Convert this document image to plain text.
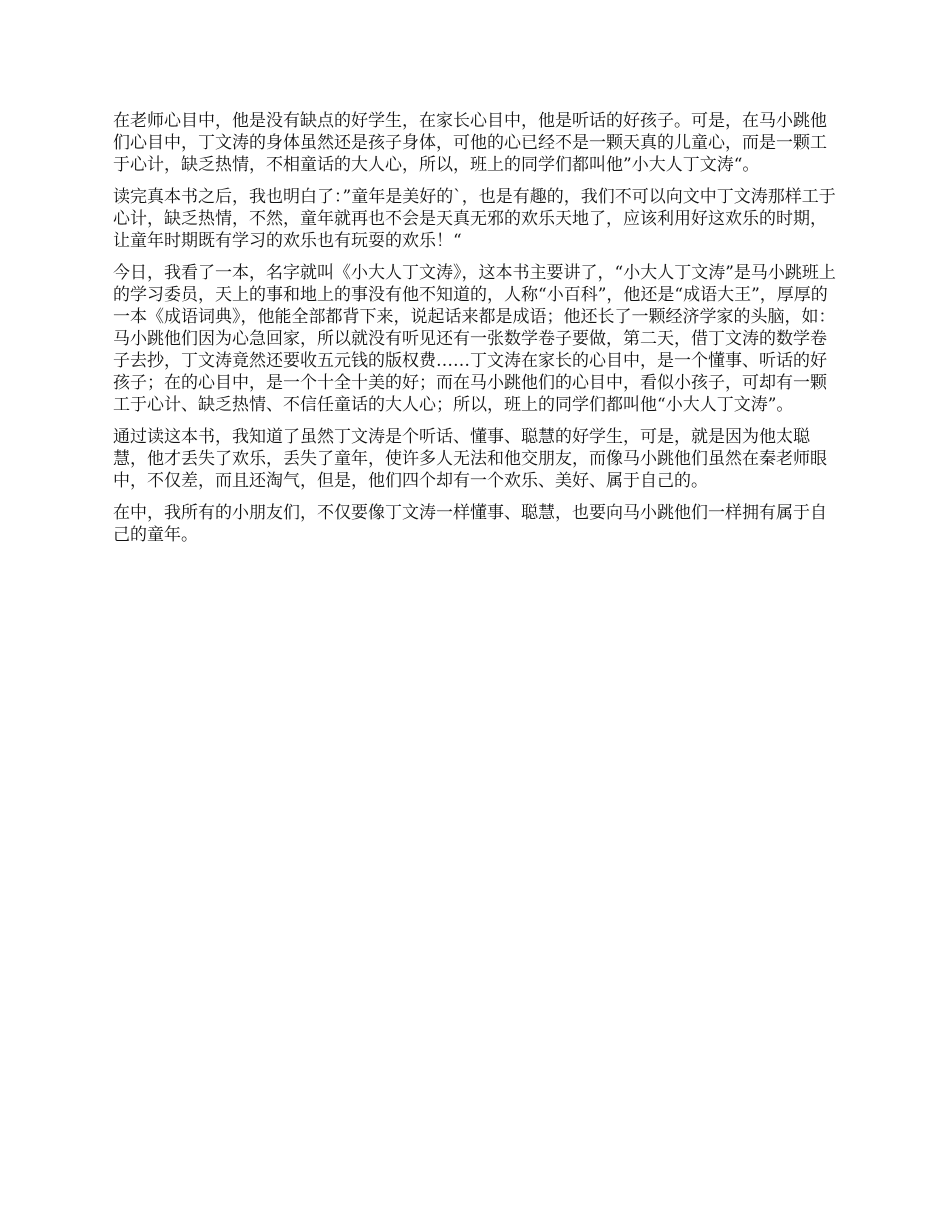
在老师心目中，他是没有缺点的好学生，在家长心目中，他是听话的好孩子。可是，在马小跳他们心目中，丁文涛的身体虽然还是孩子身体，可他的心已经不是一颗天真的儿童心，而是一颗工于心计，缺乏热情，不相童话的大人心，所以，班上的同学们都叫他”小大人丁文涛“。

读完真本书之后，我也明白了：”童年是美好的`，也是有趣的，我们不可以向文中丁文涛那样工于心计，缺乏热情，不然，童年就再也不会是天真无邪的欢乐天地了，应该利用好这欢乐的时期，让童年时期既有学习的欢乐也有玩耍的欢乐！“

今日，我看了一本，名字就叫《小大人丁文涛》，这本书主要讲了，“小大人丁文涛”是马小跳班上的学习委员，天上的事和地上的事没有他不知道的，人称“小百科”，他还是“成语大王”，厚厚的一本《成语词典》，他能全部都背下来，说起话来都是成语；他还长了一颗经济学家的头脑，如：马小跳他们因为心急回家，所以就没有听见还有一张数学卷子要做，第二天，借丁文涛的数学卷子去抄，丁文涛竟然还要收五元钱的版权费……丁文涛在家长的心目中，是一个懂事、听话的好孩子；在的心目中，是一个十全十美的好；而在马小跳他们的心目中，看似小孩子，可却有一颗工于心计、缺乏热情、不信任童话的大人心；所以，班上的同学们都叫他“小大人丁文涛”。

通过读这本书，我知道了虽然丁文涛是个听话、懂事、聪慧的好学生，可是，就是因为他太聪慧，他才丢失了欢乐，丢失了童年，使许多人无法和他交朋友，而像马小跳他们虽然在秦老师眼中，不仅差，而且还淘气，但是，他们四个却有一个欢乐、美好、属于自己的。

在中，我所有的小朋友们，不仅要像丁文涛一样懂事、聪慧，也要向马小跳他们一样拥有属于自己的童年。
